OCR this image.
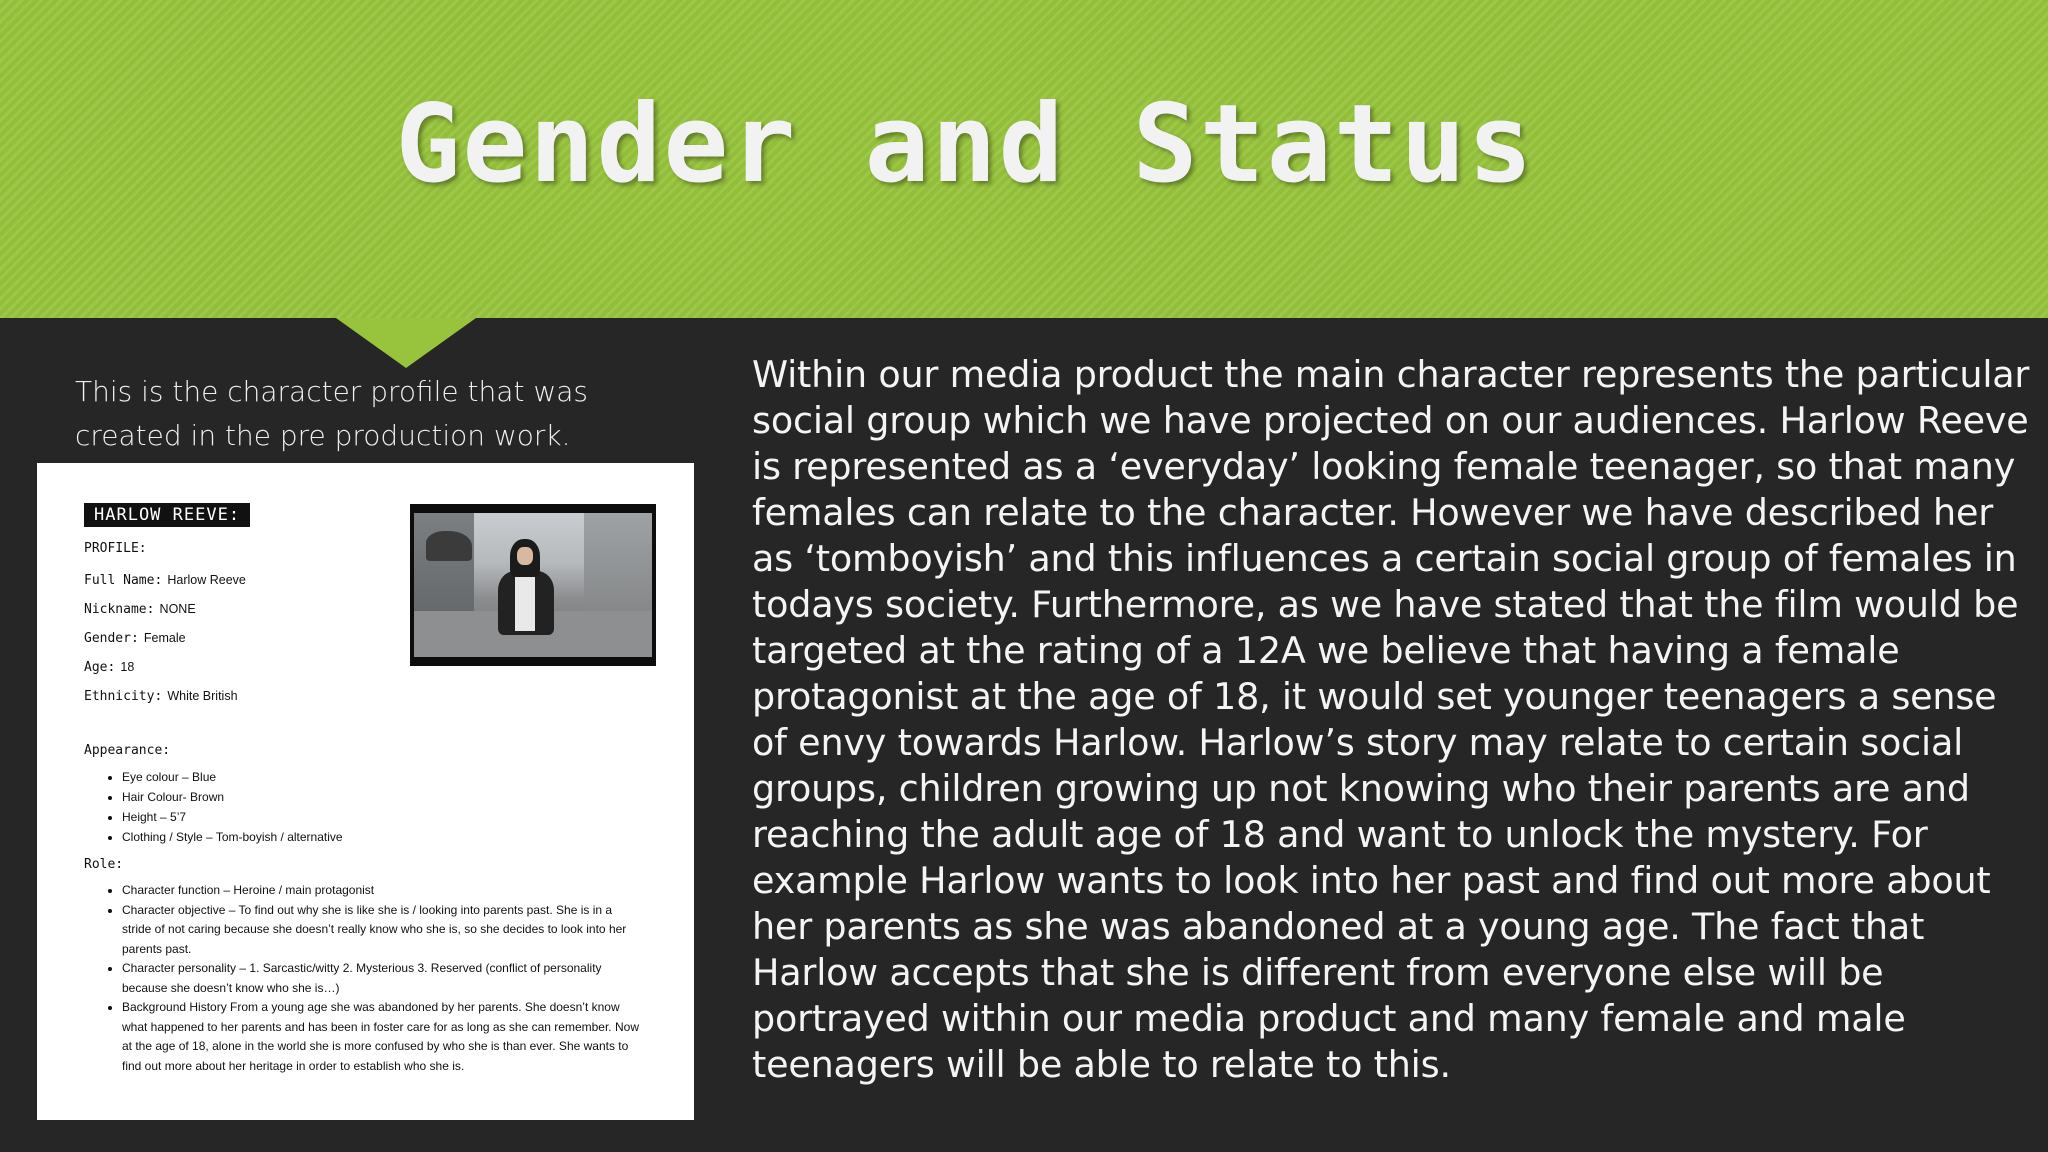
Gender and Status
This is the character profile that was created in the pre production work.
HARLOW REEVE:
PROFILE:
Full Name: Harlow Reeve
Nickname: NONE
Gender: Female
Age: 18
Ethnicity: White British
Appearance:
• Eye colour – Blue
• Hair Colour- Brown
• Height – 5’7
• Clothing / Style – Tom-boyish / alternative
Role:
• Character function – Heroine / main protagonist
• Character objective – To find out why she is like she is / looking into parents past. She is in a stride of not caring because she doesn’t really know who she is, so she decides to look into her parents past.
• Character personality – 1. Sarcastic/witty 2. Mysterious 3. Reserved (conflict of personality because she doesn’t know who she is…)
• Background History From a young age she was abandoned by her parents. She doesn’t know what happened to her parents and has been in foster care for as long as she can remember. Now at the age of 18, alone in the world she is more confused by who she is than ever. She wants to find out more about her heritage in order to establish who she is.
Within our media product the main character represents the particular social group which we have projected on our audiences. Harlow Reeve is represented as a ‘everyday’ looking female teenager, so that many females can relate to the character. However we have described her as ‘tomboyish’ and this influences a certain social group of females in todays society. Furthermore, as we have stated that the film would be targeted at the rating of a 12A we believe that having a female protagonist at the age of 18, it would set younger teenagers a sense of envy towards Harlow. Harlow’s story may relate to certain social groups, children growing up not knowing who their parents are and reaching the adult age of 18 and want to unlock the mystery. For example Harlow wants to look into her past and find out more about her parents as she was abandoned at a young age. The fact that Harlow accepts that she is different from everyone else will be portrayed within our media product and many female and male teenagers will be able to relate to this.
